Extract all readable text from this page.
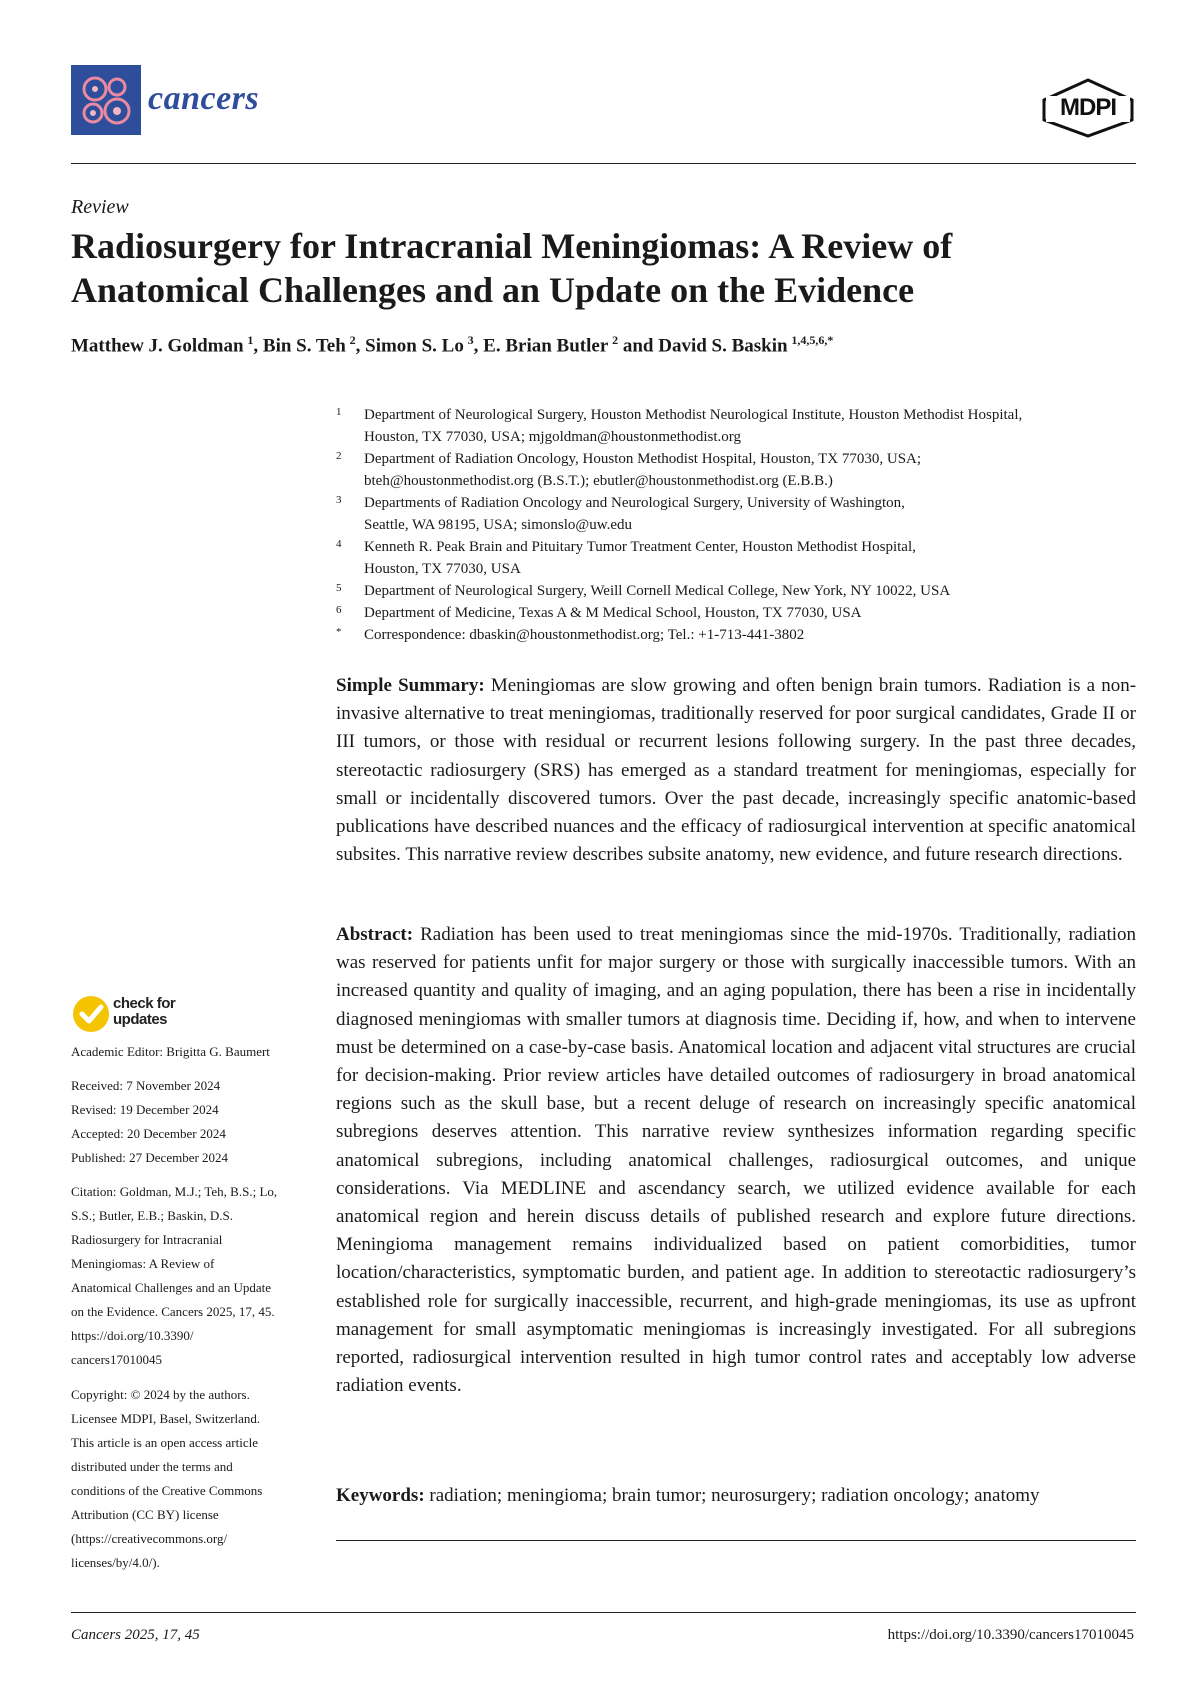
cancers	MDPI
Review
Radiosurgery for Intracranial Meningiomas: A Review of
Anatomical Challenges and an Update on the Evidence
Matthew J. Goldman  $^1$, Bin S. Teh  $^2$, Simon S. Lo  $^3$, E. Brian Butler  $^2$ and David S. Baskin  $^{1,4,5,6,*}$
1 Department of Neurological Surgery, Houston Methodist Neurological Institute, Houston Methodist Hospital,
Houston, TX 77030, USA; mjgoldman@houstonmethodist.org
2 Department of Radiation Oncology, Houston Methodist Hospital, Houston, TX 77030, USA;
bteh@houstonmethodist.org (B.S.T.); ebutler@houstonmethodist.org (E.B.B.)
3 Departments of Radiation Oncology and Neurological Surgery, University of Washington,
Seattle, WA 98195, USA; simonslo@uw.edu
4 Kenneth R. Peak Brain and Pituitary Tumor Treatment Center, Houston Methodist Hospital,
Houston, TX 77030, USA
5 Department of Neurological Surgery, Weill Cornell Medical College, New York, NY 10022, USA
6 Department of Medicine, Texas A & M Medical School, Houston, TX 77030, USA
* Correspondence: dbaskin@houstonmethodist.org; Tel.: +1-713-441-3802

Simple Summary: Meningiomas are slow growing and often benign brain tumors. Radiation is a non-invasive alternative to treat meningiomas, traditionally reserved for poor surgical candidates, Grade II or III tumors, or those with residual or recurrent lesions following surgery. In the past three decades, stereotactic radiosurgery (SRS) has emerged as a standard treatment for meningiomas, especially for small or incidentally discovered tumors. Over the past decade, increasingly specific anatomic-based publications have described nuances and the efficacy of radiosurgical intervention at specific anatomical subsites. This narrative review describes subsite anatomy, new evidence, and future research directions.

Abstract: Radiation has been used to treat meningiomas since the mid-1970s. Traditionally, radiation was reserved for patients unfit for major surgery or those with surgically inaccessible tumors. With an increased quantity and quality of imaging, and an aging population, there has been a rise in incidentally diagnosed meningiomas with smaller tumors at diagnosis time. Deciding if, how, and when to intervene must be determined on a case-by-case basis. Anatomical location and adjacent vital structures are crucial for decision-making. Prior review articles have detailed outcomes of radiosurgery in broad anatomical regions such as the skull base, but a recent deluge of research on increasingly specific anatomical subregions deserves attention. This narrative review synthesizes information regarding specific anatomical subregions, including anatomical challenges, radiosurgical outcomes, and unique considerations. Via MEDLINE and ascendancy search, we utilized evidence available for each anatomical region and herein discuss details of published research and explore future directions. Meningioma management remains individualized based on patient comorbidities, tumor location/characteristics, symptomatic burden, and patient age. In addition to stereotactic radiosurgery’s established role for surgically inaccessible, recurrent, and high-grade meningiomas, its use as upfront management for small asymptomatic meningiomas is increasingly investigated. For all subregions reported, radiosurgical intervention resulted in high tumor control rates and acceptably low adverse radiation events.

Keywords: radiation; meningioma; brain tumor; neurosurgery; radiation oncology; anatomy

check for
updates
Academic Editor: Brigitta G. Baumert
Received: 7 November 2024
Revised: 19 December 2024
Accepted: 20 December 2024
Published: 27 December 2024
Citation: Goldman, M.J.; Teh, B.S.; Lo,
S.S.; Butler, E.B.; Baskin, D.S.
Radiosurgery for Intracranial
Meningiomas: A Review of
Anatomical Challenges and an Update
on the Evidence. Cancers 2025, 17, 45.
https://doi.org/10.3390/
cancers17010045
Copyright: © 2024 by the authors.
Licensee MDPI, Basel, Switzerland.
This article is an open access article
distributed under the terms and
conditions of the Creative Commons
Attribution (CC BY) license
(https://creativecommons.org/
licenses/by/4.0/).
Cancers 2025, 17, 45	https://doi.org/10.3390/cancers17010045
